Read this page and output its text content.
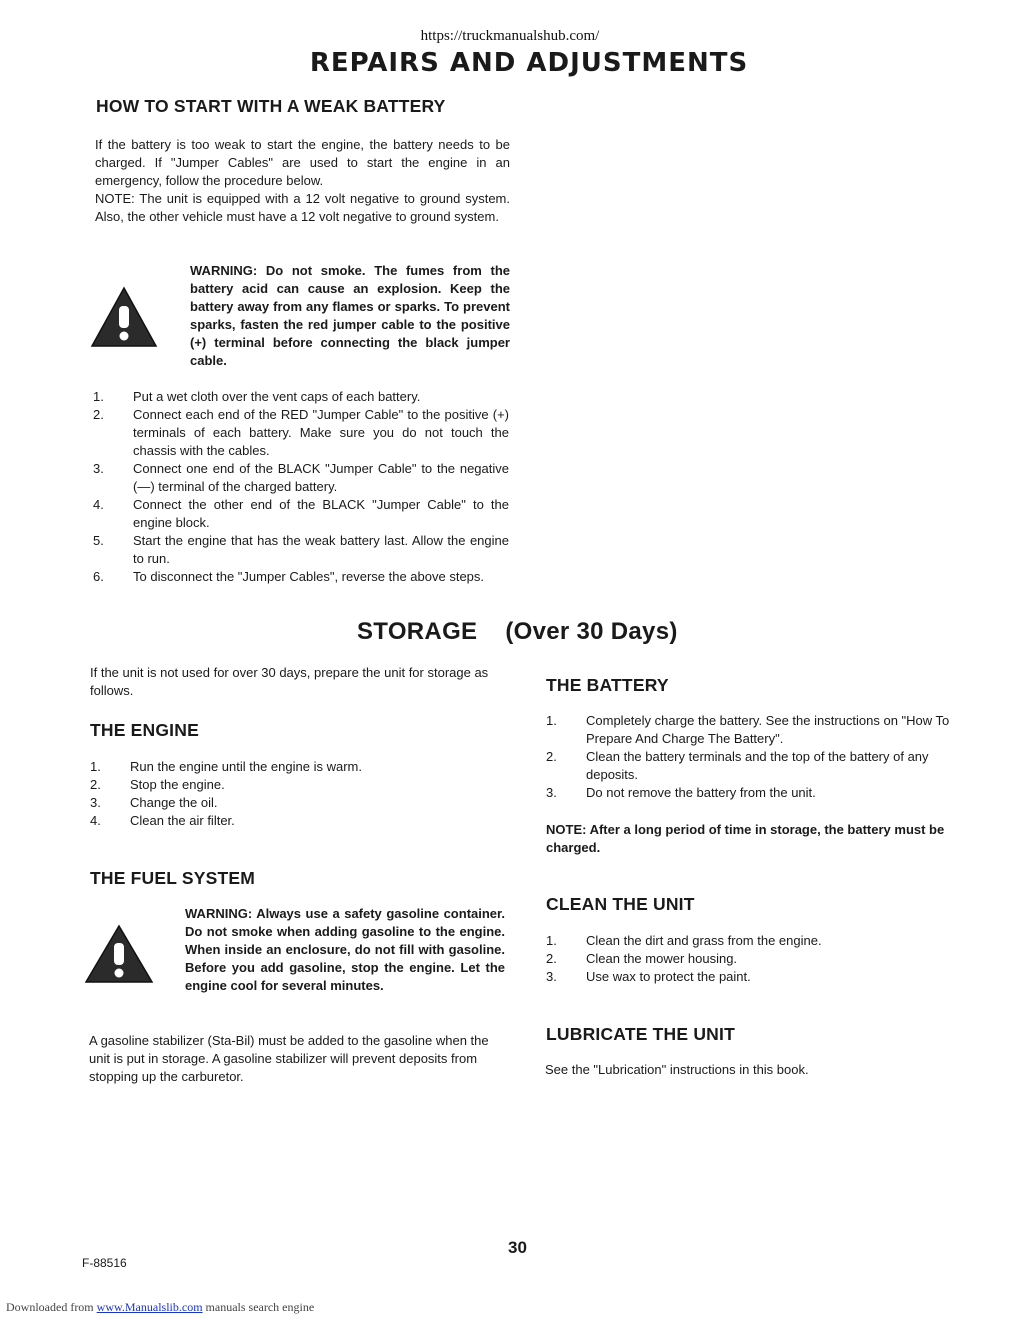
https://truckmanualshub.com/
REPAIRS AND ADJUSTMENTS
HOW TO START WITH A WEAK BATTERY

If the battery is too weak to start the engine, the battery needs to be charged. If "Jumper Cables" are used to start the engine in an emergency, follow the procedure below.

NOTE: The unit is equipped with a 12 volt negative to ground system. Also, the other vehicle must have a 12 volt negative to ground system.

WARNING: Do not smoke. The fumes from the battery acid can cause an explosion. Keep the battery away from any flames or sparks. To prevent sparks, fasten the red jumper cable to the positive (+) terminal before connecting the black jumper cable.

1. Put a wet cloth over the vent caps of each battery.
2. Connect each end of the RED "Jumper Cable" to the positive (+) terminals of each battery. Make sure you do not touch the chassis with the cables.
3. Connect one end of the BLACK "Jumper Cable" to the negative (—) terminal of the charged battery.
4. Connect the other end of the BLACK "Jumper Cable" to the engine block.
5. Start the engine that has the weak battery last. Allow the engine to run.
6. To disconnect the "Jumper Cables", reverse the above steps.
STORAGE (Over 30 Days)

If the unit is not used for over 30 days, prepare the unit for storage as follows.

THE ENGINE
1. Run the engine until the engine is warm.
2. Stop the engine.
3. Change the oil.
4. Clean the air filter.
THE FUEL SYSTEM

WARNING: Always use a safety gasoline container. Do not smoke when adding gasoline to the engine. When inside an enclosure, do not fill with gasoline. Before you add gasoline, stop the engine. Let the engine cool for several minutes.

A gasoline stabilizer (Sta-Bil) must be added to the gasoline when the unit is put in storage. A gasoline stabilizer will prevent deposits from stopping up the carburetor.

THE BATTERY
1. Completely charge the battery. See the instructions on "How To Prepare And Charge The Battery".
2. Clean the battery terminals and the top of the battery of any deposits.
3. Do not remove the battery from the unit.

NOTE: After a long period of time in storage, the battery must be charged.

CLEAN THE UNIT
1. Clean the dirt and grass from the engine.
2. Clean the mower housing.
3. Use wax to protect the paint.
LUBRICATE THE UNIT

See the "Lubrication" instructions in this book.

30
F-88516
Downloaded from www.Manualslib.com manuals search engine
